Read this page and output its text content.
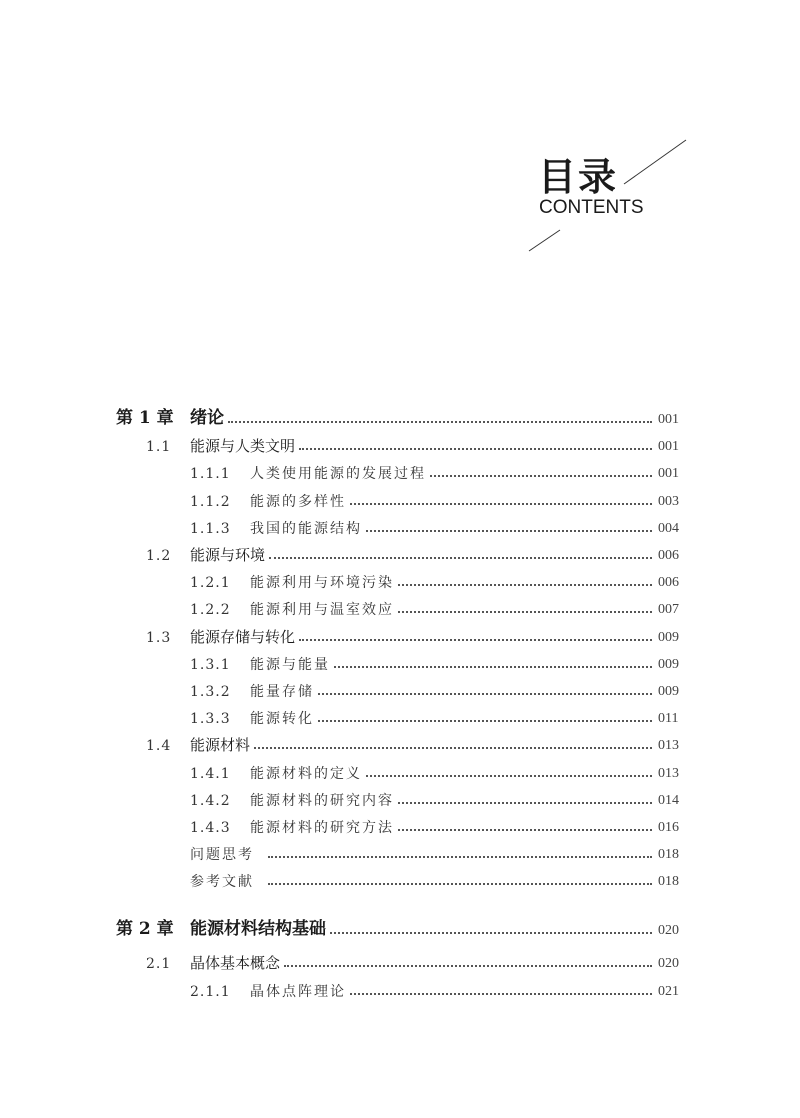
目录
CONTENTS
第 1 章 绪论	001
1.1	能源与人类文明	001
1.1.1	人类使用能源的发展过程	001
1.1.2	能源的多样性	003
1.1.3	我国的能源结构	004
1.2	能源与环境	006
1.2.1	能源利用与环境污染	006
1.2.2	能源利用与温室效应	007
1.3	能源存储与转化	009
1.3.1	能源与能量	009
1.3.2	能量存储	009
1.3.3	能源转化	011
1.4	能源材料	013
1.4.1	能源材料的定义	013
1.4.2	能源材料的研究内容	014
1.4.3	能源材料的研究方法	016
问题思考	018
参考文献	018
第 2 章 能源材料结构基础	020
2.1	晶体基本概念	020
2.1.1	晶体点阵理论	021
